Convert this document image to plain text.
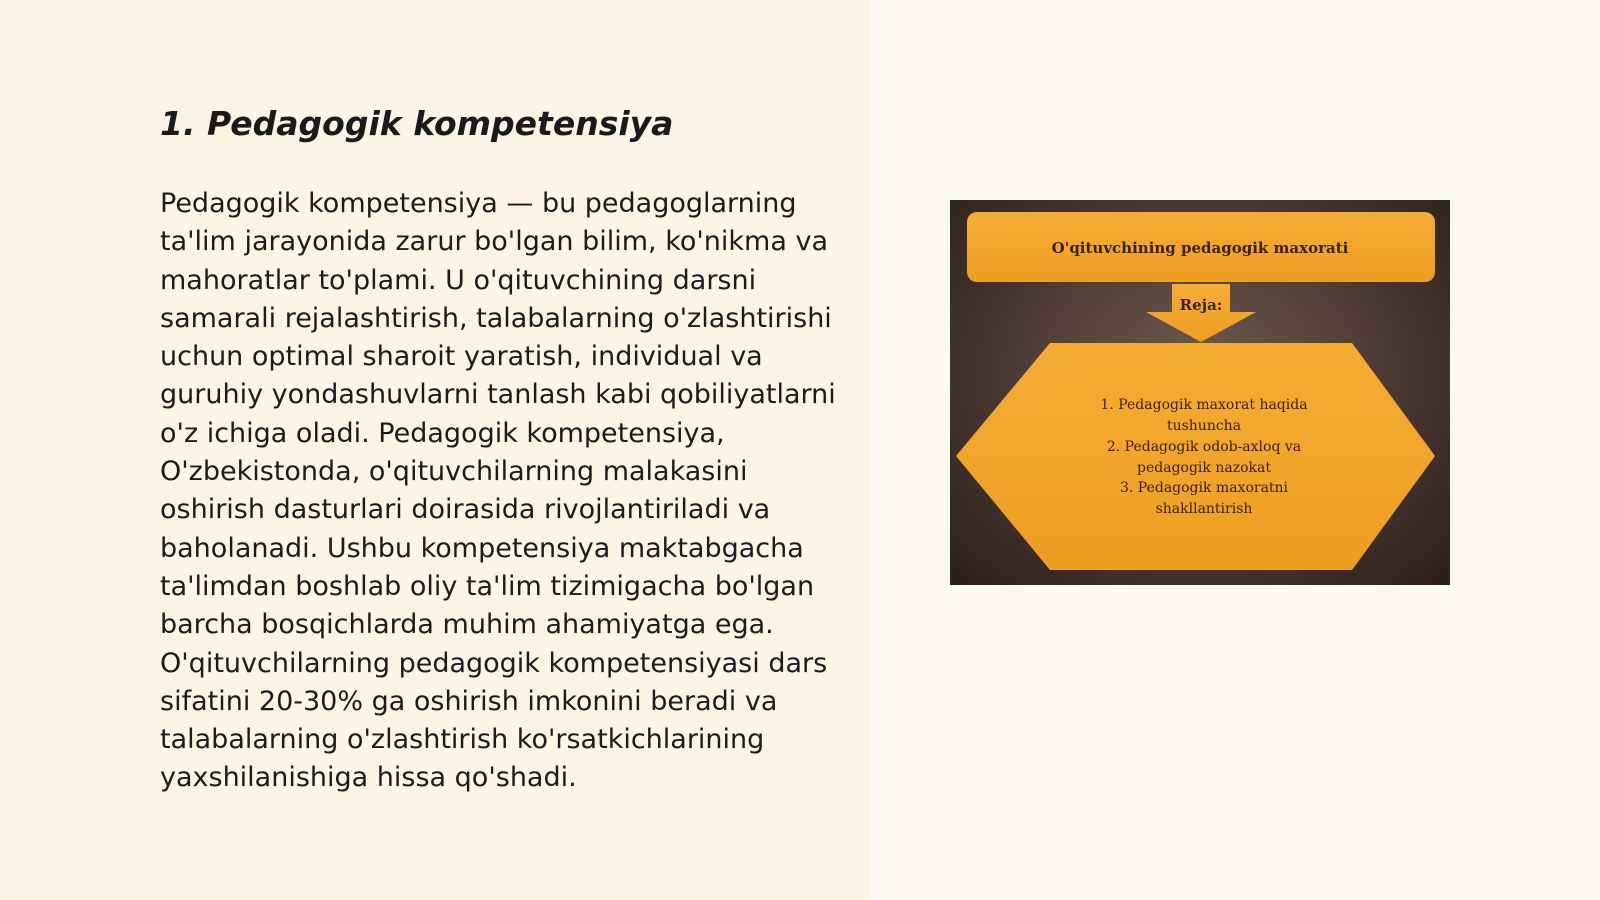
1. Pedagogik kompetensiya

Pedagogik kompetensiya — bu pedagoglarning ta'lim jarayonida zarur bo'lgan bilim, ko'nikma va mahoratlar to'plami. U o'qituvchining darsni samarali rejalashtirish, talabalarning o'zlashtirishi uchun optimal sharoit yaratish, individual va guruhiy yondashuvlarni tanlash kabi qobiliyatlarni o'z ichiga oladi. Pedagogik kompetensiya, O'zbekistonda, o'qituvchilarning malakasini oshirish dasturlari doirasida rivojlantiriladi va baholanadi. Ushbu kompetensiya maktabgacha ta'limdan boshlab oliy ta'lim tizimigacha bo'lgan barcha bosqichlarda muhim ahamiyatga ega. O'qituvchilarning pedagogik kompetensiyasi dars sifatini 20-30% ga oshirish imkonini beradi va talabalarning o'zlashtirish ko'rsatkichlarining yaxshilanishiga hissa qo'shadi.

O'qituvchining pedagogik maxorati
Reja:
1. Pedagogik maxorat haqida
tushuncha
2. Pedagogik odob-axloq va
pedagogik nazokat
3. Pedagogik maxoratni
shakllantirish
